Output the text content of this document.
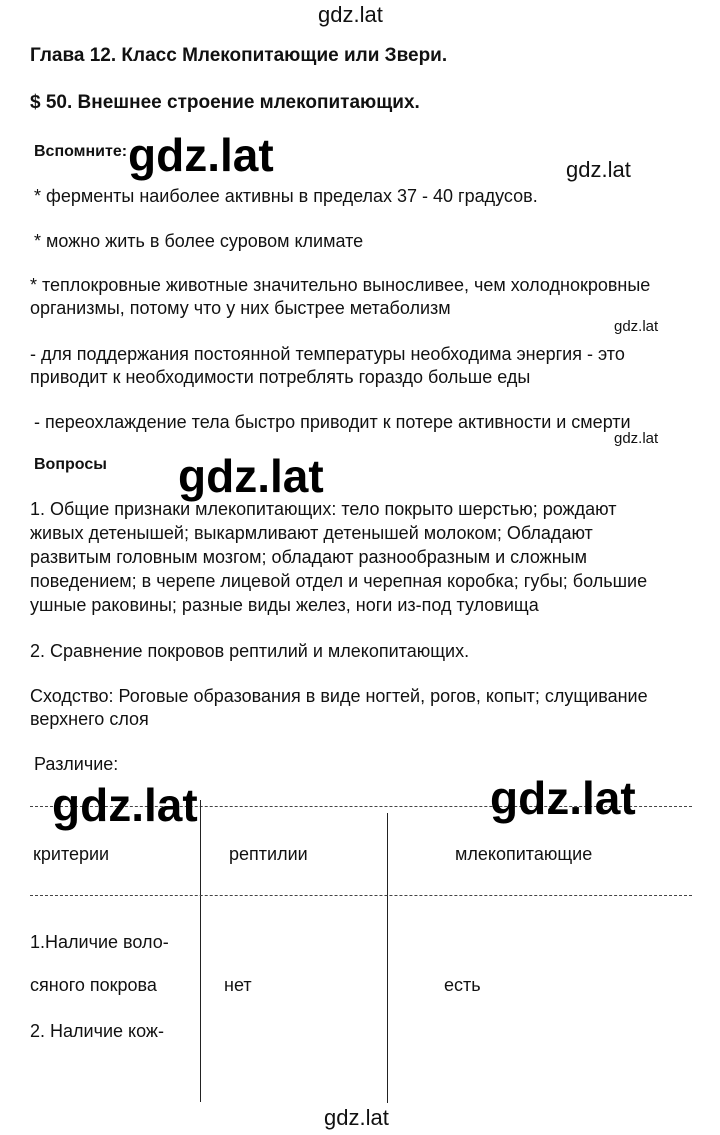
gdz.lat
Глава 12. Класс Млекопитающие или Звери.
$ 50. Внешнее строение млекопитающих.
Вспомните: gdz.lat	gdz.lat
* ферменты наиболее активны в пределах 37 - 40 градусов.
* можно жить в более суровом климате
* теплокровные животные значительно выносливее, чем холоднокровные
организмы, потому что у них быстрее метаболизм
gdz.lat
- для поддержания постоянной температуры необходима энергия - это
приводит к необходимости потреблять гораздо больше еды
- переохлаждение тела быстро приводит к потере активности и смерти
gdz.lat
Вопросы gdz.lat
1. Общие признаки млекопитающих: тело покрыто шерстью; рождают
живых детенышей; выкармливают детенышей молоком; Обладают
развитым головным мозгом; обладают разнообразным и сложным
поведением; в черепе лицевой отдел и черепная коробка; губы; большие
ушные раковины; разные виды желез, ноги из-под туловища
2. Сравнение покровов рептилий и млекопитающих.
Сходство: Роговые образования в виде ногтей, рогов, копыт; слущивание
верхнего слоя
Различие:
gdz.lat	gdz.lat
критерии	рептилии	млекопитающие
1.Наличие воло-
сяного покрова	нет	есть
2. Наличие кож-
gdz.lat
